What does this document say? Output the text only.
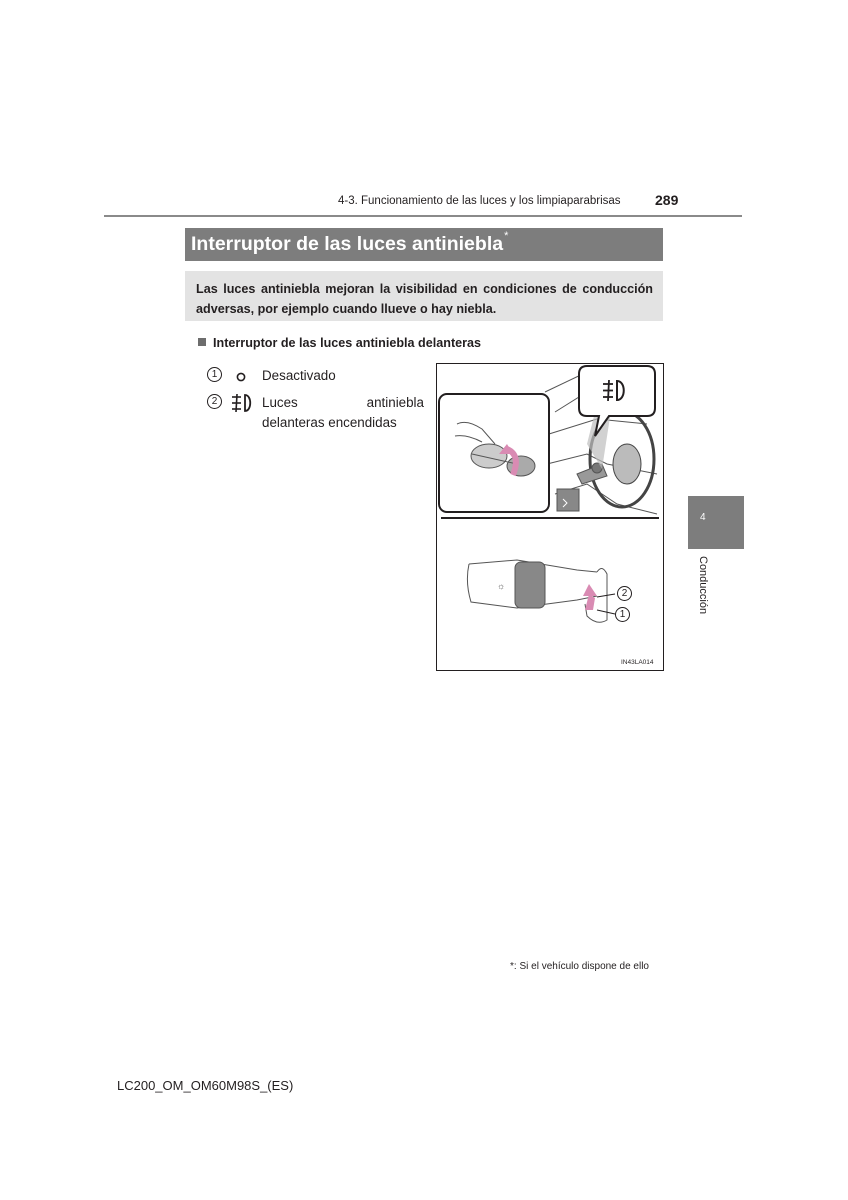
4-3. Funcionamiento de las luces y los limpiaparabrisas 289
Interruptor de las luces antiniebla*
Las luces antiniebla mejoran la visibilidad en condiciones de conducción adversas, por ejemplo cuando llueve o hay niebla.
Interruptor de las luces antiniebla delanteras
1	Desactivado
2	Luces antiniebla delanteras encendidas
☼
2
1
IN43LA014
*: Si el vehículo dispone de ello
LC200_OM_OM60M98S_(ES)
4
Conducción
